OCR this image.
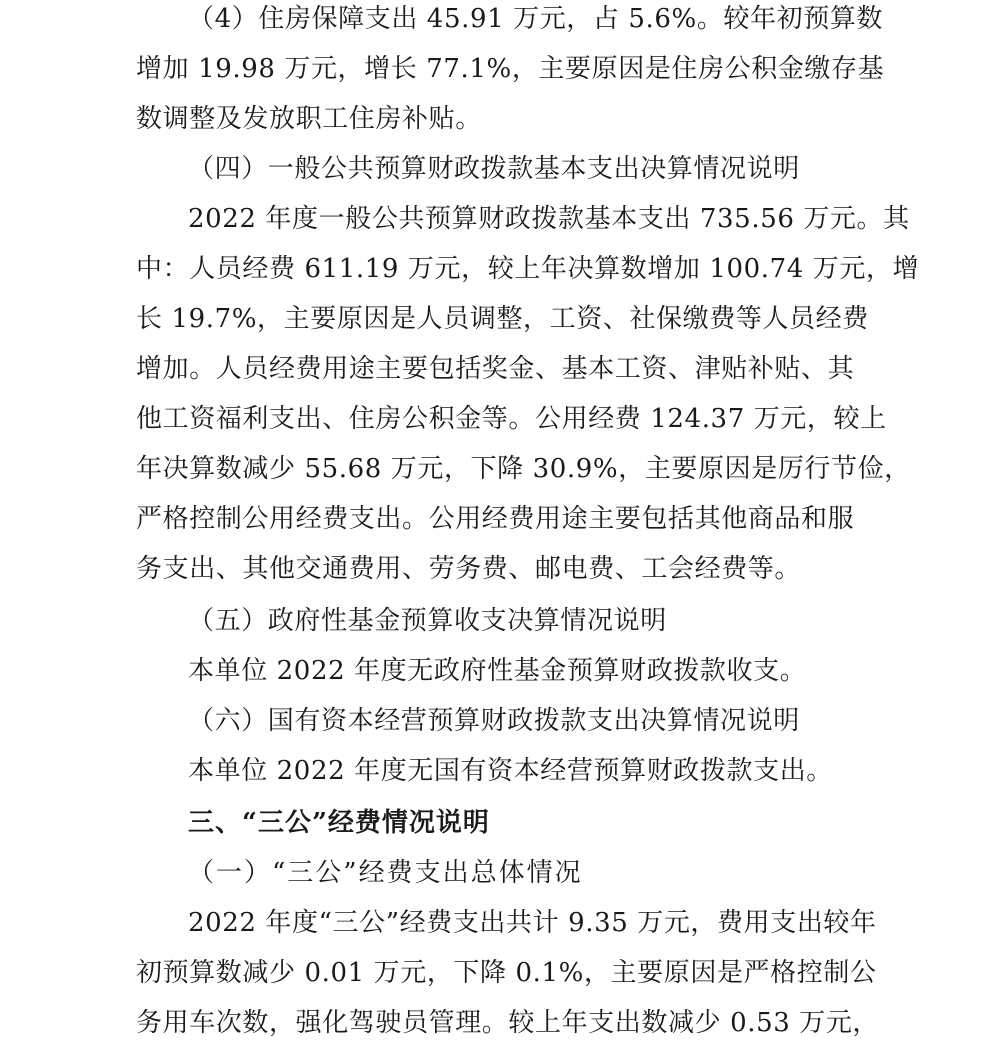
（4）住房保障支出 45.91 万元，占 5.6%。较年初预算数

增加 19.98 万元，增长 77.1%，主要原因是住房公积金缴存基

数调整及发放职工住房补贴。

（四）一般公共预算财政拨款基本支出决算情况说明

2022 年度一般公共预算财政拨款基本支出 735.56 万元。其

中：人员经费 611.19 万元，较上年决算数增加 100.74 万元，增

长 19.7%，主要原因是人员调整，工资、社保缴费等人员经费

增加。人员经费用途主要包括奖金、基本工资、津贴补贴、其

他工资福利支出、住房公积金等。公用经费 124.37 万元，较上

年决算数减少 55.68 万元，下降 30.9%，主要原因是厉行节俭，

严格控制公用经费支出。公用经费用途主要包括其他商品和服

务支出、其他交通费用、劳务费、邮电费、工会经费等。

（五）政府性基金预算收支决算情况说明

本单位 2022 年度无政府性基金预算财政拨款收支。

（六）国有资本经营预算财政拨款支出决算情况说明

本单位 2022 年度无国有资本经营预算财政拨款支出。

三、“三公”经费情况说明

（一）“三公”经费支出总体情况

2022 年度“三公”经费支出共计 9.35 万元，费用支出较年

初预算数减少 0.01 万元，下降 0.1%，主要原因是严格控制公

务用车次数，强化驾驶员管理。较上年支出数减少 0.53 万元，
